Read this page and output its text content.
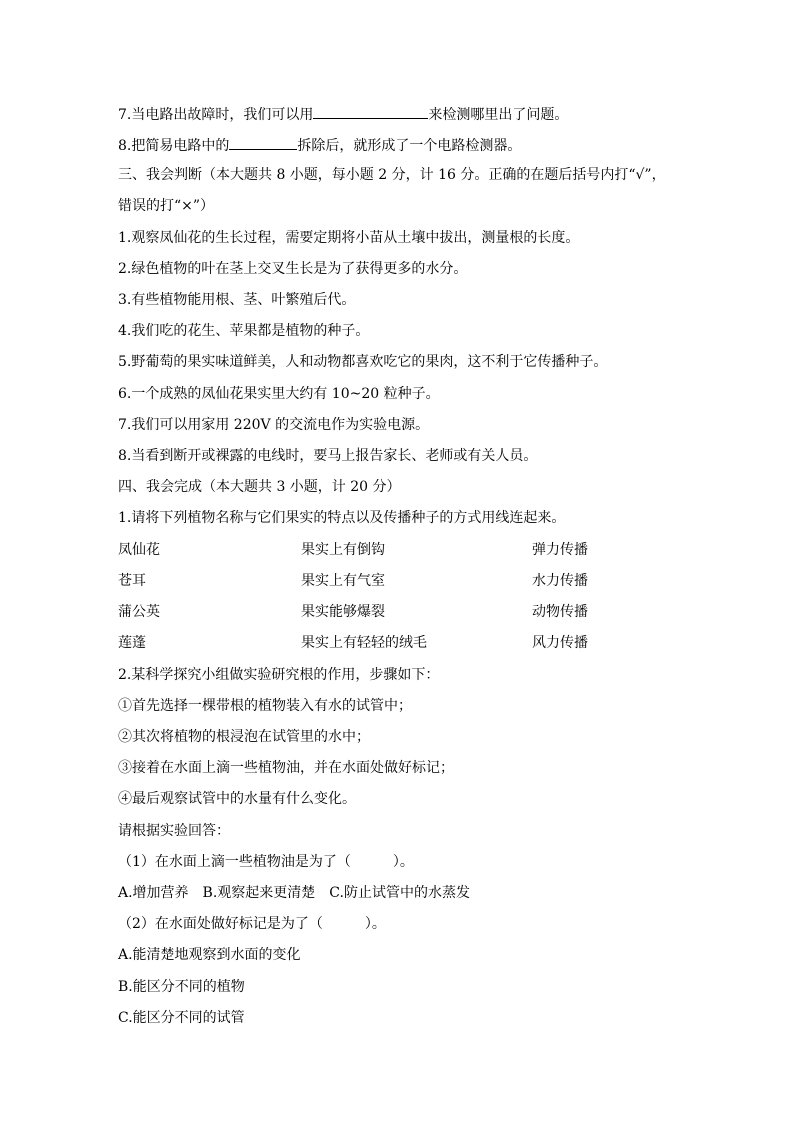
7.当电路出故障时，我们可以用	来检测哪里出了问题。
8.把简易电路中的	拆除后，就形成了一个电路检测器。
三、我会判断（本大题共 8 小题，每小题 2 分，计 16 分。正确的在题后括号内打“√”，
错误的打“×”）
1.观察凤仙花的生长过程，需要定期将小苗从土壤中拔出，测量根的长度。
2.绿色植物的叶在茎上交叉生长是为了获得更多的水分。
3.有些植物能用根、茎、叶繁殖后代。
4.我们吃的花生、苹果都是植物的种子。
5.野葡萄的果实味道鲜美，人和动物都喜欢吃它的果肉，这不利于它传播种子。
6.一个成熟的凤仙花果实里大约有 10~20 粒种子。
7.我们可以用家用 220V 的交流电作为实验电源。
8.当看到断开或裸露的电线时，要马上报告家长、老师或有关人员。
四、我会完成（本大题共 3 小题，计 20 分）
1.请将下列植物名称与它们果实的特点以及传播种子的方式用线连起来。
凤仙花	果实上有倒钩	弹力传播
苍耳	果实上有气室	水力传播
蒲公英	果实能够爆裂	动物传播
莲蓬	果实上有轻轻的绒毛	风力传播
2.某科学探究小组做实验研究根的作用，步骤如下：
①首先选择一棵带根的植物装入有水的试管中；
②其次将植物的根浸泡在试管里的水中；
③接着在水面上滴一些植物油，并在水面处做好标记；
④最后观察试管中的水量有什么变化。
请根据实验回答：
（1）在水面上滴一些植物油是为了（　　　）。
A.增加营养　B.观察起来更清楚　C.防止试管中的水蒸发
（2）在水面处做好标记是为了（　　　）。
A.能清楚地观察到水面的变化
B.能区分不同的植物
C.能区分不同的试管
